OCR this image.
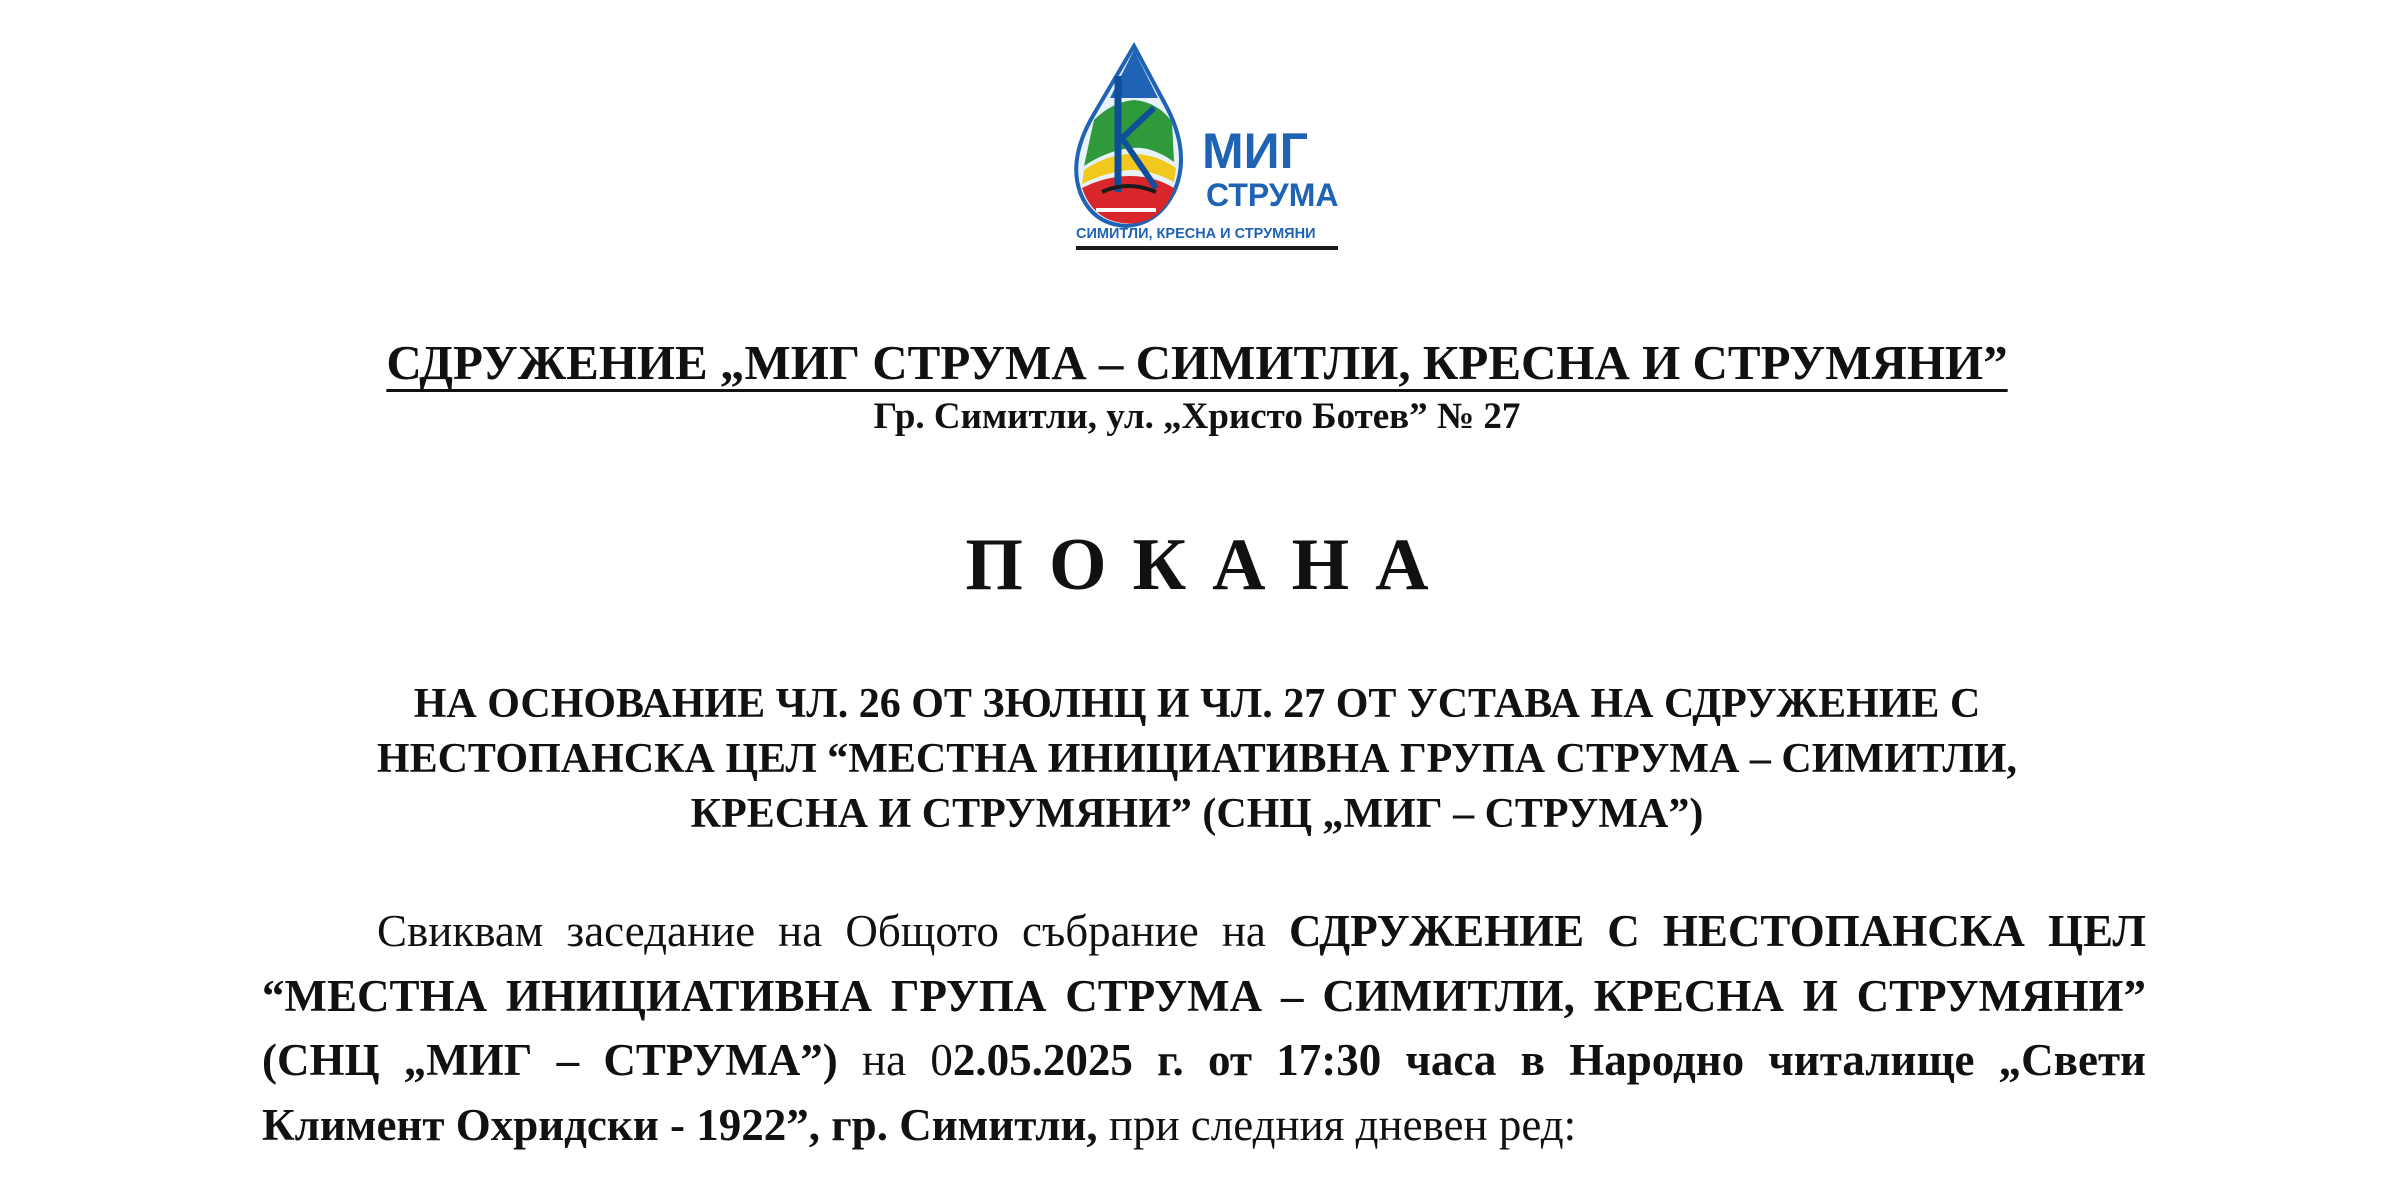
МИГ
СТРУМА
СИМИТЛИ, КРЕСНА И СТРУМЯНИ
СДРУЖЕНИЕ „МИГ СТРУМА – СИМИТЛИ, КРЕСНА И СТРУМЯНИ”
Гр. Симитли, ул. „Христо Ботев” № 27
ПОКАНА
НА ОСНОВАНИЕ ЧЛ. 26 ОТ ЗЮЛНЦ И ЧЛ. 27 ОТ УСТАВА НА СДРУЖЕНИЕ С НЕСТОПАНСКА ЦЕЛ “МЕСТНА ИНИЦИАТИВНА ГРУПА СТРУМА – СИМИТЛИ, КРЕСНА И СТРУМЯНИ” (СНЦ „МИГ – СТРУМА”)
Свиквам заседание на Общото събрание на СДРУЖЕНИЕ С НЕСТОПАНСКА ЦЕЛ “МЕСТНА ИНИЦИАТИВНА ГРУПА СТРУМА – СИМИТЛИ, КРЕСНА И СТРУМЯНИ” (СНЦ „МИГ – СТРУМА”) на 02.05.2025 г. от 17:30 часа в Народно читалище „Свети Климент Охридски - 1922”, гр. Симитли, при следния дневен ред:
